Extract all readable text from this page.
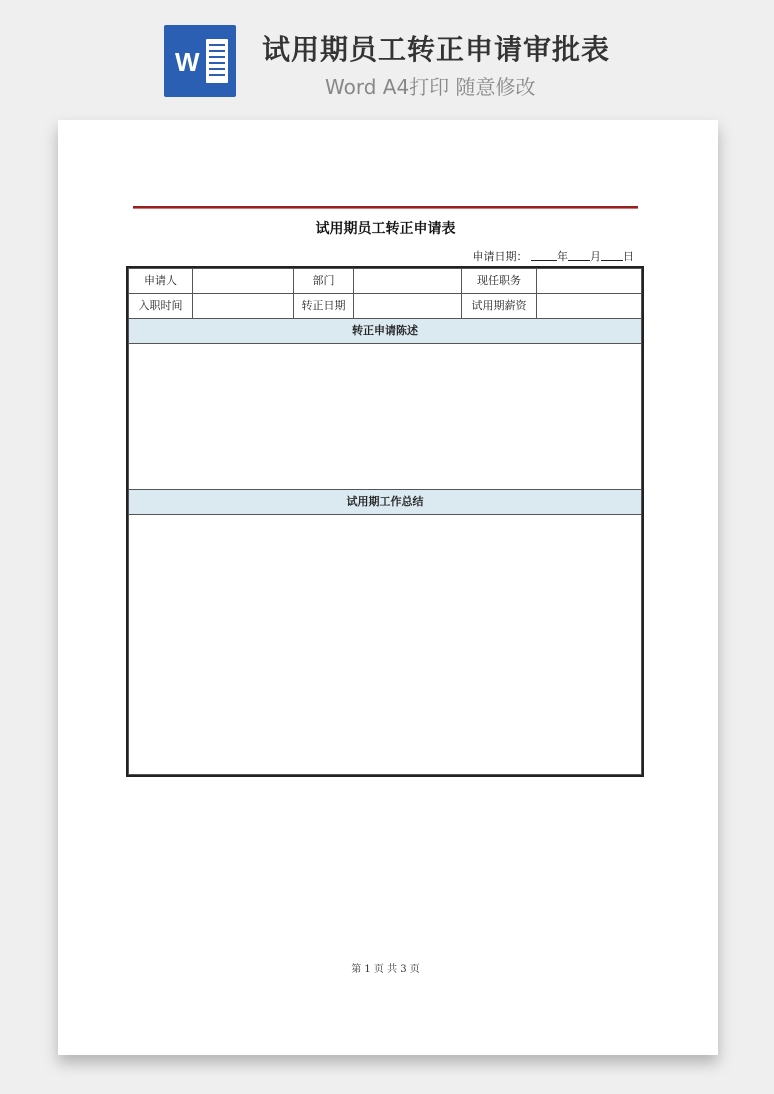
W 试用期员工转正申请审批表
Word A4打印 随意修改

试用期员工转正申请表
申请日期：	年 月 日
申请人	部门	现任职务
入职时间	转正日期	试用期薪资
转正申请陈述
试用期工作总结
第 1 页 共 3 页
